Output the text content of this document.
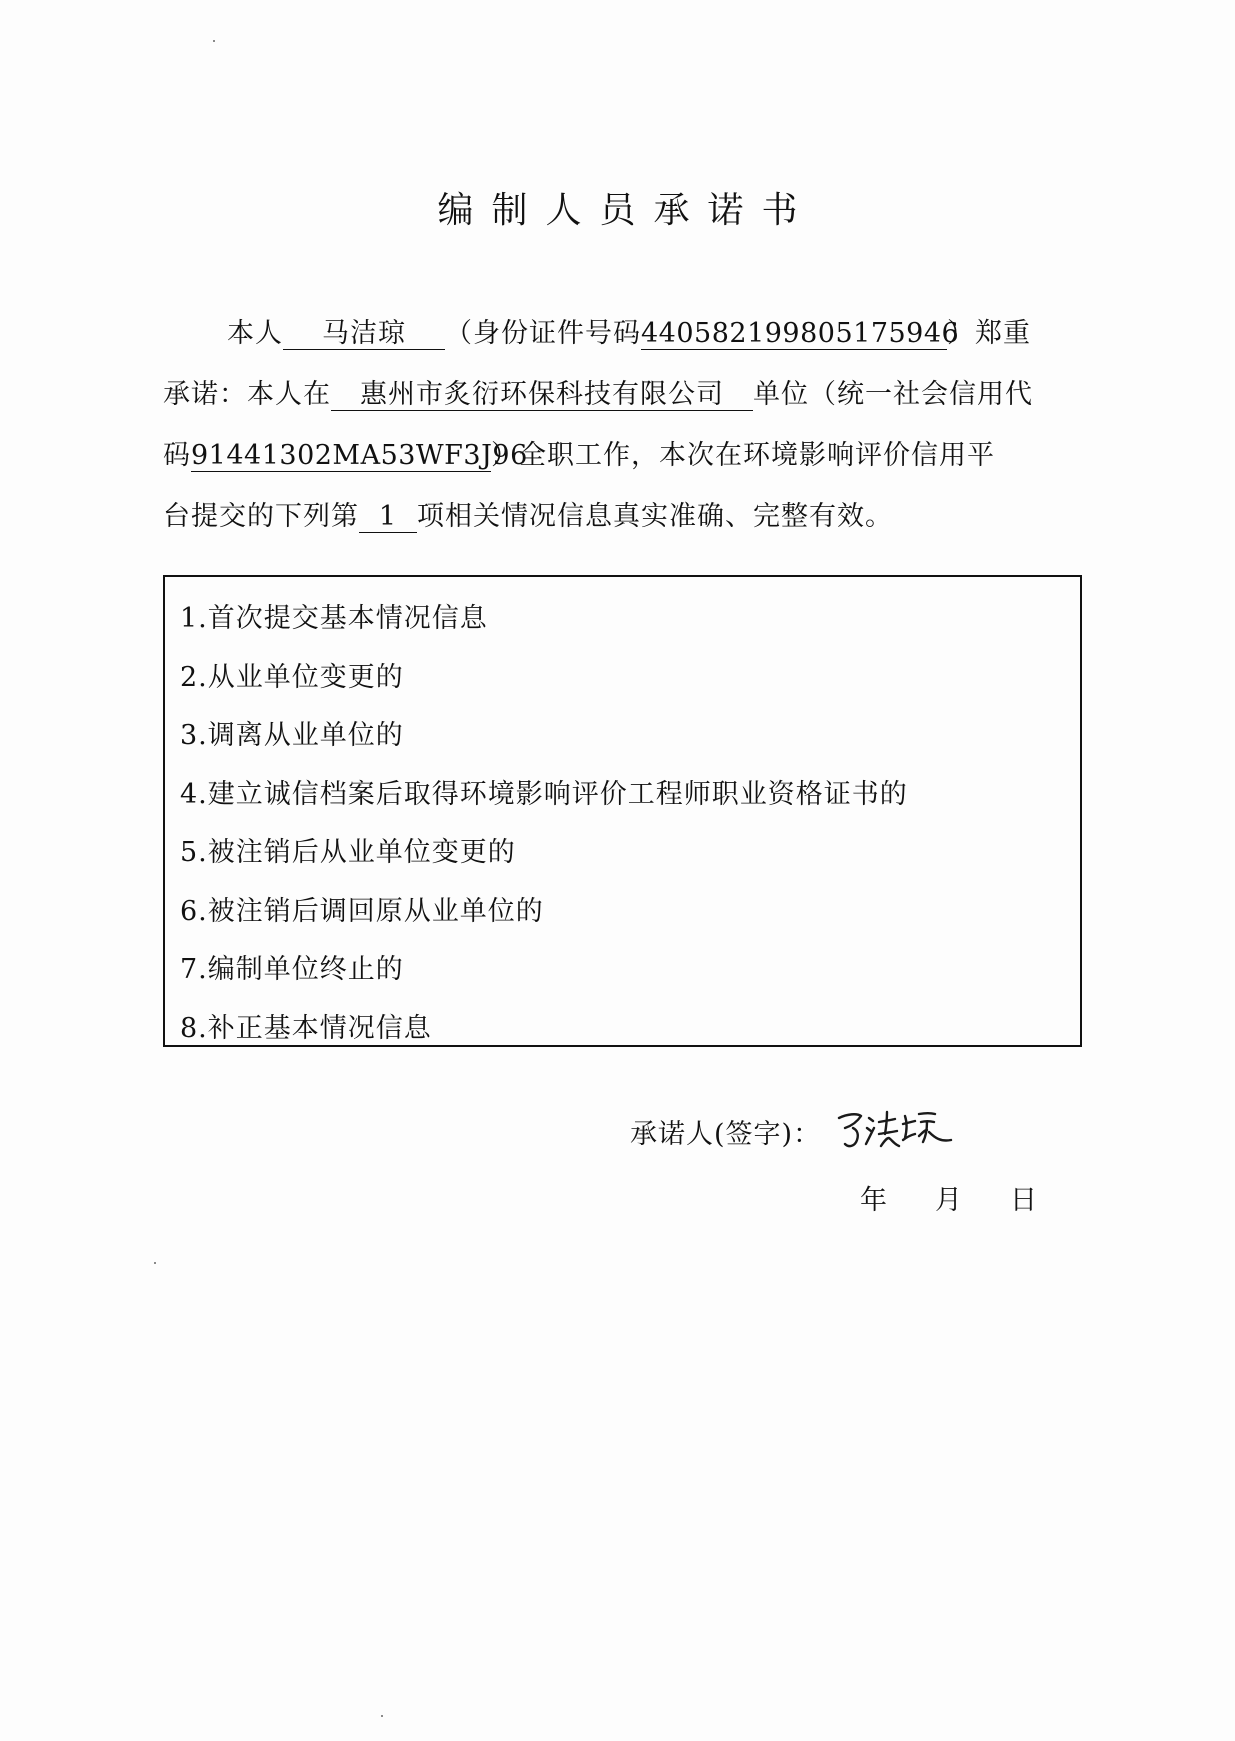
编制人员承诺书
本人 马洁琼 （身份证件号码440582199805175946）郑重
承诺：本人在 惠州市炙衍环保科技有限公司 单位（统一社会信用代
码91441302MA53WF3J96）全职工作，本次在环境影响评价信用平
台提交的下列第 1 项相关情况信息真实准确、完整有效。
1.首次提交基本情况信息
2.从业单位变更的
3.调离从业单位的
4.建立诚信档案后取得环境影响评价工程师职业资格证书的
5.被注销后从业单位变更的
6.被注销后调回原从业单位的
7.编制单位终止的
8.补正基本情况信息
承诺人(签字)：
年 月 日
